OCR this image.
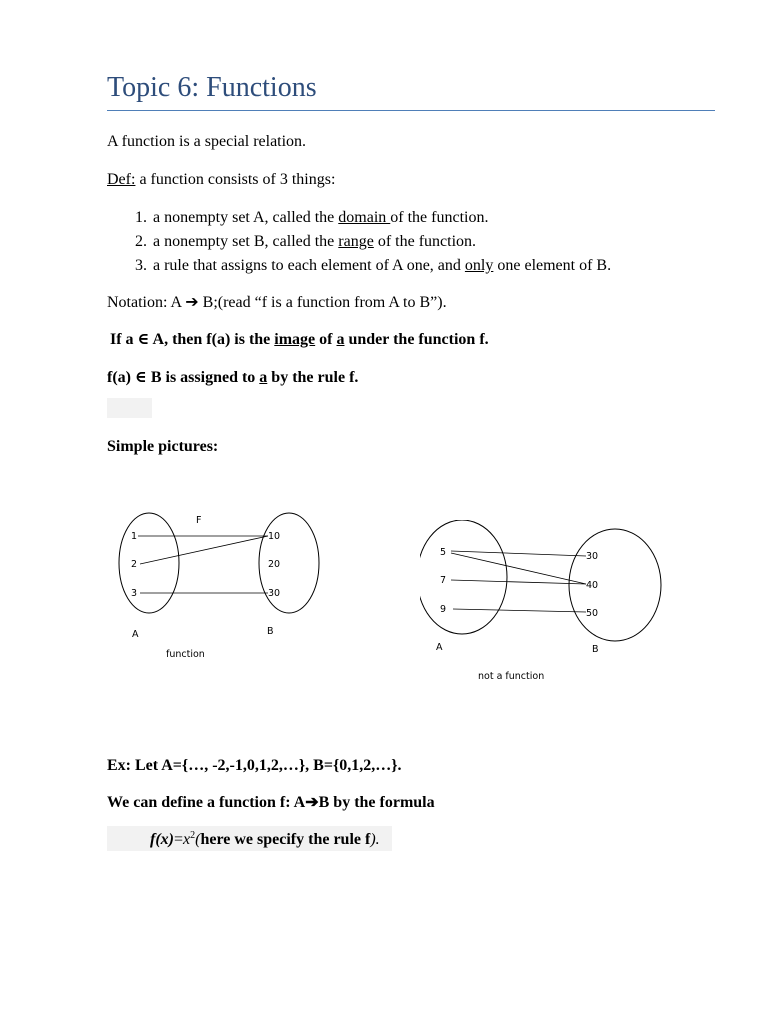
Topic 6: Functions
A function is a special relation.
Def: a function consists of 3 things:
1. a nonempty set A, called the domain of the function.
2. a nonempty set B, called the range of the function.
3. a rule that assigns to each element of A one, and only one element of B.
Notation: A ➔ B;(read “f is a function from A to B”).
If a ∈ A, then f(a) is the image of a under the function f.
f(a) ∈ B is assigned to a by the rule f.
Simple pictures:
F
1
2
3
10
20
30
A	B
function
5
7
9
30
40
50
A	B
not a function
Ex: Let A={…, -2,-1,0,1,2,…}, B={0,1,2,…}.
We can define a function f: A➔B by the formula
$f(x)=x^2(here$ we specify the rule f).
